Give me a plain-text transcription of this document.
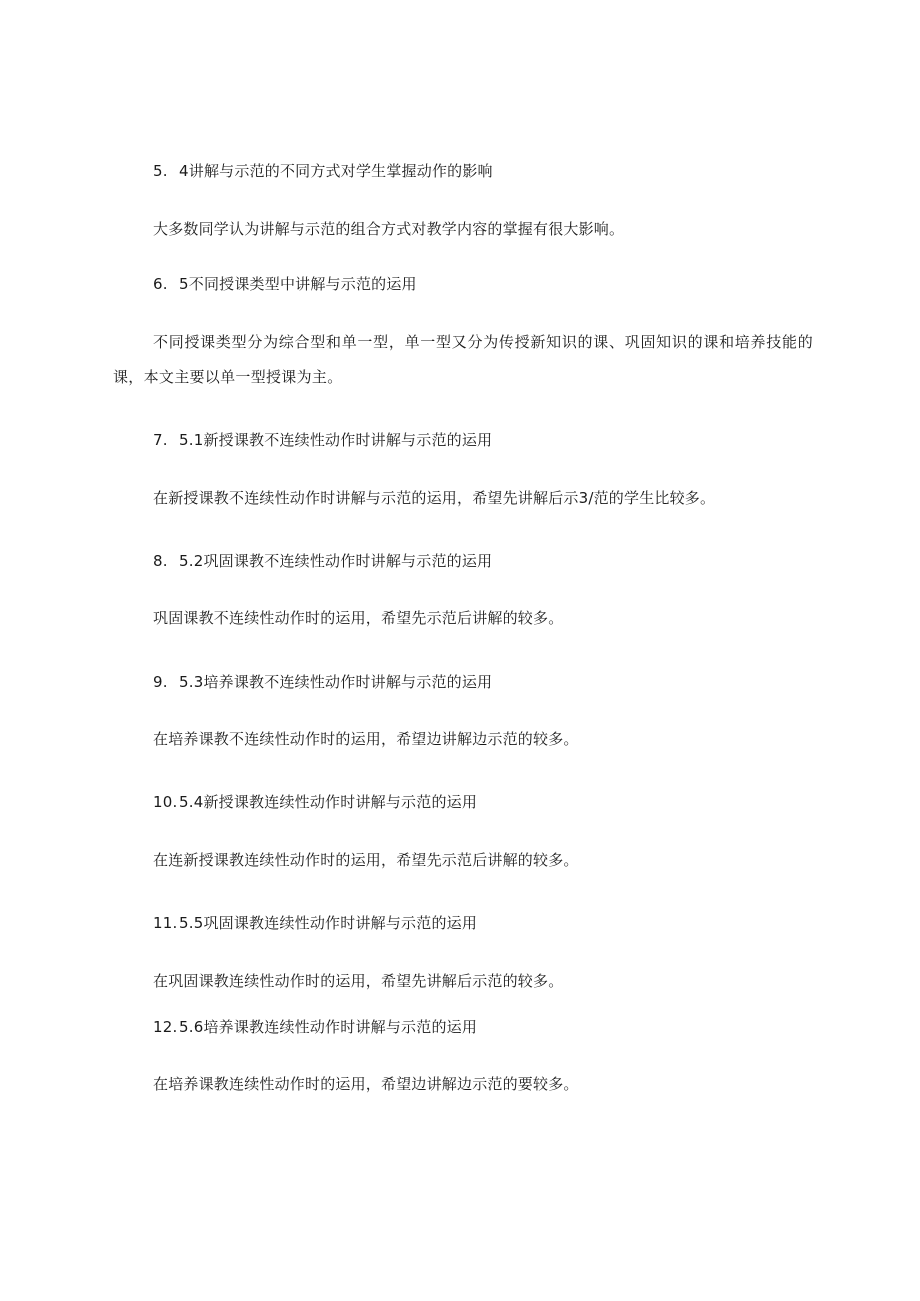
5. 4讲解与示范的不同方式对学生掌握动作的影响
大多数同学认为讲解与示范的组合方式对教学内容的掌握有很大影响。
6. 5不同授课类型中讲解与示范的运用
不同授课类型分为综合型和单一型，单一型又分为传授新知识的课、巩固知识的课和培养技能的课，本文主要以单一型授课为主。
7. 5.1新授课教不连续性动作时讲解与示范的运用
在新授课教不连续性动作时讲解与示范的运用，希望先讲解后示3/范的学生比较多。
8. 5.2巩固课教不连续性动作时讲解与示范的运用
巩固课教不连续性动作时的运用，希望先示范后讲解的较多。
9. 5.3培养课教不连续性动作时讲解与示范的运用
在培养课教不连续性动作时的运用，希望边讲解边示范的较多。
10. 5.4新授课教连续性动作时讲解与示范的运用
在连新授课教连续性动作时的运用，希望先示范后讲解的较多。
11. 5.5巩固课教连续性动作时讲解与示范的运用
在巩固课教连续性动作时的运用，希望先讲解后示范的较多。
12. 5.6培养课教连续性动作时讲解与示范的运用
在培养课教连续性动作时的运用，希望边讲解边示范的要较多。
